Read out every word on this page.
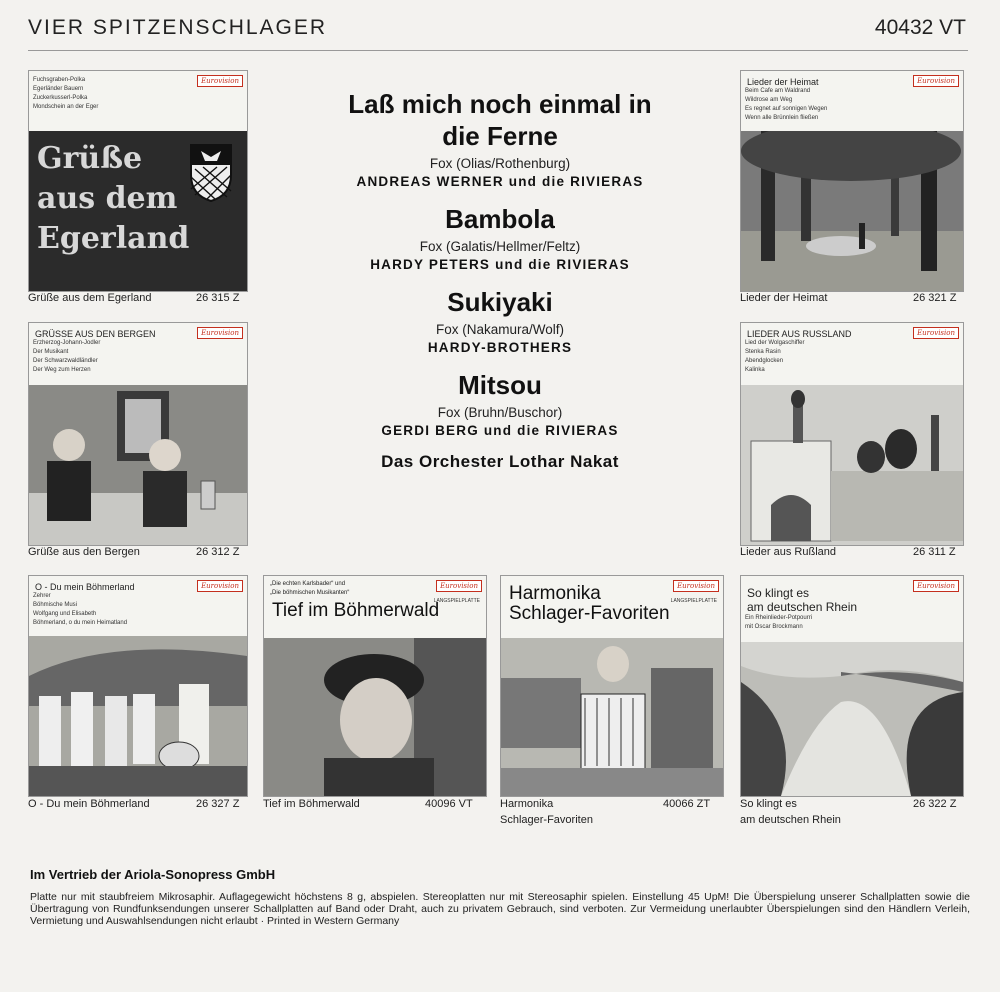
VIER SPITZENSCHLAGER	40432 VT
Fuchsgraben-Polka
Egerländer Bauern
Zuckerkusserl-Polka
Mondschein an der Eger
Eurovision
Grüße aus dem Egerland
Grüße aus dem Egerland	26 315 Z
Lieder der Heimat
Beim Cafe am Waldrand
Wildrose am Weg
Es regnet auf sonnigen Wegen
Wenn alle Brünnlein fließen
Eurovision
Lieder der Heimat	26 321 Z
GRÜSSE AUS DEN BERGEN
Erzherzog-Johann-Jodler
Der Musikant
Der Schwarzwaldländler
Der Weg zum Herzen
Eurovision
Grüße aus den Bergen	26 312 Z
LIEDER AUS RUSSLAND
Lied der Wolgaschiffer
Stenka Rasin
Abendglocken
Kalinka
Eurovision
Lieder aus Rußland	26 311 Z
O - Du mein Böhmerland
Zehrer
Böhmische Musi
Wolfgang und Elisabeth
Böhmerland, o du mein Heimatland
Eurovision
O - Du mein Böhmerland	26 327 Z
„Die echten Karlsbader“ und
„Die böhmischen Musikanten“
Tief im Böhmerwald
LANGSPIELPLATTE
Eurovision
Tief im Böhmerwald	40096 VT
Harmonika
Schlager-Favoriten
LANGSPIELPLATTE
Eurovision
Harmonika
Schlager-Favoriten
40066 ZT
So klingt es
am deutschen Rhein
Ein Rheinlieder-Potpourri
mit Oscar Brockmann
Eurovision
So klingt es
am deutschen Rhein
26 322 Z
Laß mich noch einmal in die Ferne
Fox (Olias/Rothenburg)
ANDREAS WERNER und die RIVIERAS
Bambola
Fox (Galatis/Hellmer/Feltz)
HARDY PETERS und die RIVIERAS
Sukiyaki
Fox (Nakamura/Wolf)
HARDY-BROTHERS
Mitsou
Fox (Bruhn/Buschor)
GERDI BERG und die RIVIERAS
Das Orchester Lothar Nakat
Im Vertrieb der Ariola-Sonopress GmbH
Platte nur mit staubfreiem Mikrosaphir. Auflagegewicht höchstens 8 g, abspielen. Stereoplatten nur mit Stereosaphir spielen. Einstellung 45 UpM! Die Überspielung unserer Schallplatten sowie die Übertragung von Rundfunksendungen unserer Schallplatten auf Band oder Draht, auch zu privatem Gebrauch, sind verboten. Zur Vermeidung unerlaubter Überspielungen sind den Händlern Verleih, Vermietung und Auswahlsendungen nicht erlaubt · Printed in Western Germany
